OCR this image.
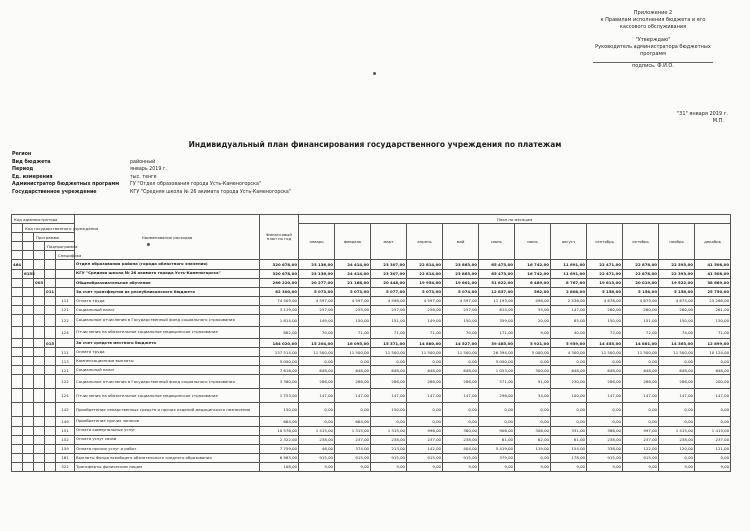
Приложение 2
к Правилам исполнения бюджета и его
кассового обслуживания
"Утверждаю"
Руководитель администратора бюджетных
программ
подпись, Ф.И.О.
"31" января 2019 г.
М.П.
Индивидуальный план финансирования государственного учреждения по платежам
Регион
Вид бюджета	районный
Период	январь 2019 г.
Ед. измерения	тыс. тенге
Администратор бюджетных программ	ГУ "Отдел образования города Усть-Каменогорска"
Государственное учреждение	КГУ "Средняя школа № 26 акимата города Усть-Каменогорска"
Код администратора					Наименование расходов	Финансовый план на год	План по месяцам											
	Код государственного учреждения						январь	февраль	март	апрель	май	июнь	июль	август	сентябрь	октябрь	ноябрь	декабрь
		Программа																
			Подпрограмма															
				Специфика														
464					Отдел образования района (города областного значения)	320 678,00	23 136,00	24 414,00	23 307,00	22 814,00	23 863,00	65 473,00	16 742,00	11 691,00	22 471,00	22 878,00	22 393,00	41 508,00
	6155				КГУ "Средняя школа № 26 акимата города Усть-Каменогорска"	320 678,00	23 136,00	24 414,00	23 307,00	22 814,00	23 863,00	65 473,00	16 742,00	11 691,00	22 471,00	22 878,00	22 393,00	41 508,00
		003			Общеобразовательное обучение	266 220,00	20 277,00	21 168,00	20 448,00	19 954,00	19 601,00	51 822,00	6 489,00	8 767,00	19 613,00	20 019,00	19 522,00	38 669,00
			011		За счет трансфертов из республиканского бюджета	82 300,00	5 073,00	5 073,00	5 077,00	5 073,00	5 074,00	12 837,00	562,00	2 808,00	5 158,00	5 158,00	5 158,00	25 750,00
				111	Оплата труда	74 505,00	4 597,00	4 597,00	4 598,00	4 597,00	4 597,00	11 193,00	498,00	2 536,00	4 676,00	4 675,00	4 675,00	25 268,00
				121	Социальный налог	3 119,00	257,00	255,00	257,00	256,00	257,00	614,00	35,00	147,00	260,00	260,00	260,00	261,00
				122	Социальные отчисления в Государственный фонд социального страхования	1 814,00	149,00	150,00	151,00	149,00	150,00	359,00	20,00	85,00	150,00	151,00	150,00	150,00
				124	Отчисления на обязательное социальное медицинское страхование	862,00	70,00	71,00	71,00	71,00	70,00	171,00	9,00	40,00	72,00	72,00	74,00	71,00
			015		За счет средств местного бюджета	184 020,00	15 204,00	16 095,00	15 371,00	14 880,00	14 527,00	39 485,00	5 921,00	5 959,00	14 455,00	14 861,00	14 363,00	12 899,00
				111	Оплата труда	137 514,00	11 500,00	11 500,00	11 500,00	11 500,00	11 500,00	26 394,00	5 000,00	4 300,00	11 500,00	11 500,00	11 500,00	10 124,00
				113	Компенсационные выплаты	5 000,00	0,00	0,00	0,00	0,00	0,00	5 000,00	0,00	0,00	0,00	0,00	0,00	0,00
				121	Социальный налог	7 616,00	648,00	648,00	648,00	648,00	648,00	1 053,00	300,00	648,00	648,00	648,00	648,00	648,00
				122	Социальные отчисления в Государственный фонд социального страхования	3 380,00	286,00	286,00	286,00	286,00	286,00	571,00	91,00	230,00	286,00	286,00	286,00	200,00
				124	Отчисления на обязательное социальное медицинское страхование	1 753,00	147,00	147,00	147,00	147,00	147,00	296,00	34,00	100,00	147,00	147,00	147,00	147,00
				142	Приобретение лекарственных средств и прочих изделий медицинского назначения	150,00	0,00	0,00	150,00	0,00	0,00	0,00	0,00	0,00	0,00	0,00	0,00	0,00
				149	Приобретение прочих запасов	664,00	0,00	664,00	0,00	0,00	0,00	0,00	0,00	0,00	0,00	0,00	0,00	0,00
				151	Оплата коммунальных услуг	10 576,00	1 415,00	1 315,00	1 315,00	996,00	380,00	906,00	306,00	331,00	386,00	997,00	1 415,00	1 415,00
				152	Оплата услуг связи	2 322,00	238,00	237,00	238,00	237,00	238,00	61,00	62,00	61,00	238,00	237,00	238,00	237,00
				159	Оплата прочих услуг и работ	7 759,00	46,00	374,00	213,00	142,00	404,00	5 419,00	119,00	154,00	338,00	122,00	120,00	121,00
				161	Выплаты Фонда всеобщего обязательного среднего образования	6 983,00	915,00	915,00	915,00	915,00	915,00	379,00	0,00	178,00	915,00	915,00	0,00	0,00
				322	Трансферты физическим лицам	108,00	9,00	9,00	9,00	9,00	9,00	9,00	9,00	9,00	9,00	9,00	9,00	9,00
